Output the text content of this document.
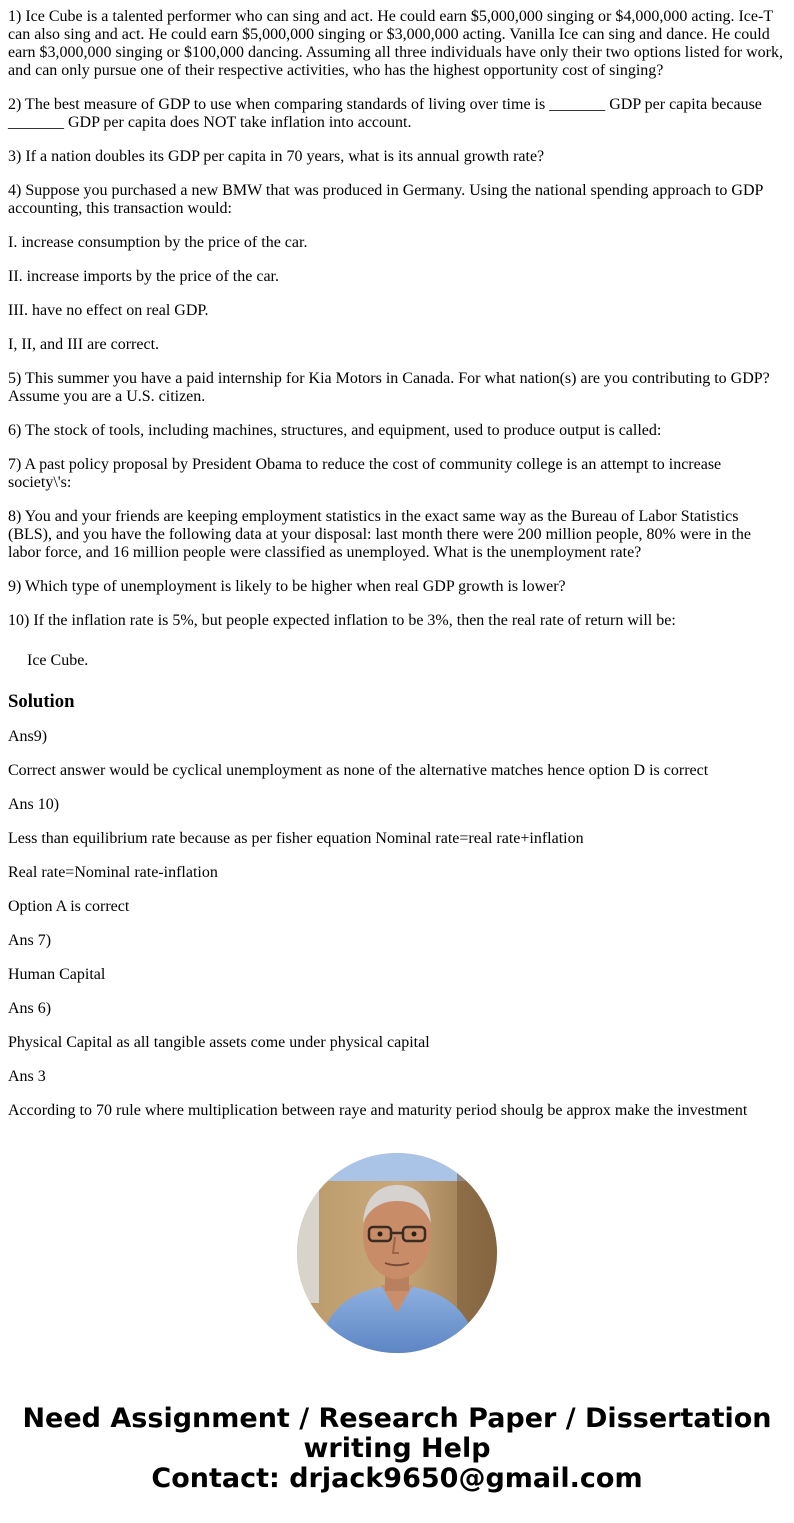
1) Ice Cube is a talented performer who can sing and act. He could earn $5,000,000 singing or $4,000,000 acting. Ice-T can also sing and act. He could earn $5,000,000 singing or $3,000,000 acting. Vanilla Ice can sing and dance. He could earn $3,000,000 singing or $100,000 dancing. Assuming all three individuals have only their two options listed for work, and can only pursue one of their respective activities, who has the highest opportunity cost of singing?

2) The best measure of GDP to use when comparing standards of living over time is _______ GDP per capita because _______ GDP per capita does NOT take inflation into account.

3) If a nation doubles its GDP per capita in 70 years, what is its annual growth rate?

4) Suppose you purchased a new BMW that was produced in Germany. Using the national spending approach to GDP accounting, this transaction would:

I. increase consumption by the price of the car.

II. increase imports by the price of the car.

III. have no effect on real GDP.

I, II, and III are correct.

5) This summer you have a paid internship for Kia Motors in Canada. For what nation(s) are you contributing to GDP? Assume you are a U.S. citizen.

6) The stock of tools, including machines, structures, and equipment, used to produce output is called:

7) A past policy proposal by President Obama to reduce the cost of community college is an attempt to increase society\'s:

8) You and your friends are keeping employment statistics in the exact same way as the Bureau of Labor Statistics (BLS), and you have the following data at your disposal: last month there were 200 million people, 80% were in the labor force, and 16 million people were classified as unemployed. What is the unemployment rate?

9) Which type of unemployment is likely to be higher when real GDP growth is lower?

10) If the inflation rate is 5%, but people expected inflation to be 3%, then the real rate of return will be:

Ice Cube.
Solution

Ans9)

Correct answer would be cyclical unemployment as none of the alternative matches hence option D is correct

Ans 10)

Less than equilibrium rate because as per fisher equation Nominal rate=real rate+inflation

Real rate=Nominal rate-inflation

Option A is correct

Ans 7)

Human Capital

Ans 6)

Physical Capital as all tangible assets come under physical capital

Ans 3

According to 70 rule where multiplication between raye and maturity period shoulg be approx make the investment

Need Assignment / Research Paper / Dissertation
writing Help
Contact: drjack9650@gmail.com
